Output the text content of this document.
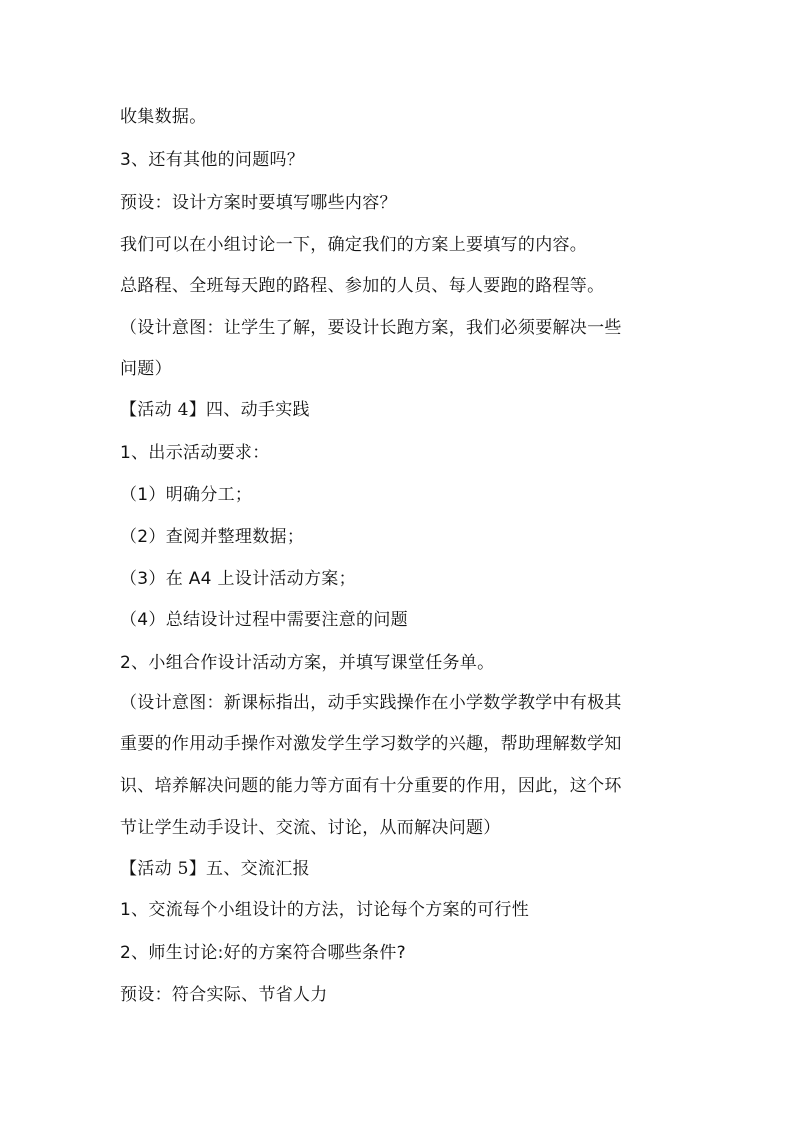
收集数据。
3、还有其他的问题吗？
预设：设计方案时要填写哪些内容？
我们可以在小组讨论一下，确定我们的方案上要填写的内容。
总路程、全班每天跑的路程、参加的人员、每人要跑的路程等。
（设计意图：让学生了解，要设计长跑方案，我们必须要解决一些
问题）
【活动 4】四、动手实践
1、出示活动要求：
（1）明确分工；
（2）查阅并整理数据；
（3）在 A4 上设计活动方案；
（4）总结设计过程中需要注意的问题
2、小组合作设计活动方案，并填写课堂任务单。
（设计意图：新课标指出，动手实践操作在小学数学教学中有极其
重要的作用动手操作对激发学生学习数学的兴趣，帮助理解数学知
识、培养解决问题的能力等方面有十分重要的作用，因此，这个环
节让学生动手设计、交流、讨论，从而解决问题）
【活动 5】五、交流汇报
1、交流每个小组设计的方法，讨论每个方案的可行性
2、师生讨论:好的方案符合哪些条件?
预设：符合实际、节省人力
